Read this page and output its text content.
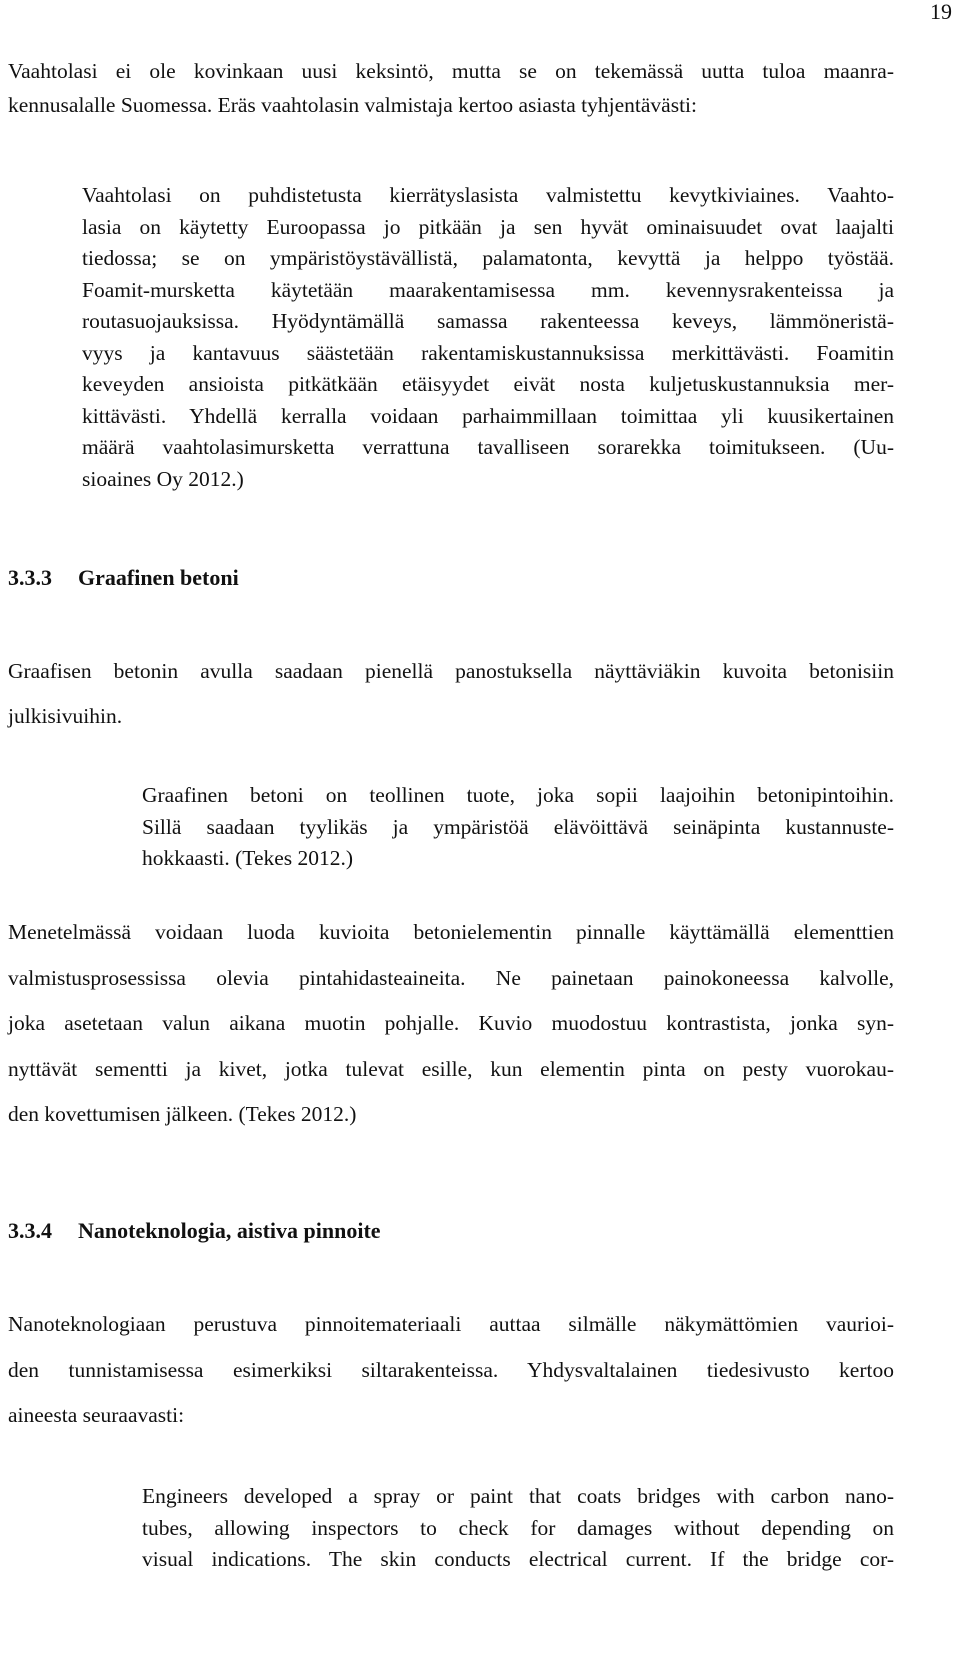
19
Vaahtolasi ei ole kovinkaan uusi keksintö, mutta se on tekemässä uutta tuloa maanra-
kennusalalle Suomessa. Eräs vaahtolasin valmistaja kertoo asiasta tyhjentävästi:
Vaahtolasi on puhdistetusta kierrätyslasista valmistettu kevytkiviaines. Vaahto-
lasia on käytetty Euroopassa jo pitkään ja sen hyvät ominaisuudet ovat laajalti
tiedossa; se on ympäristöystävällistä, palamatonta, kevyttä ja helppo työstää.
Foamit-mursketta käytetään maarakentamisessa mm. kevennysrakenteissa ja
routasuojauksissa. Hyödyntämällä samassa rakenteessa keveys, lämmöneristä-
vyys ja kantavuus säästetään rakentamiskustannuksissa merkittävästi. Foamitin
keveyden ansioista pitkätkään etäisyydet eivät nosta kuljetuskustannuksia mer-
kittävästi. Yhdellä kerralla voidaan parhaimmillaan toimittaa yli kuusikertainen
määrä vaahtolasimursketta verrattuna tavalliseen sorarekka toimitukseen. (Uu-
sioaines Oy 2012.)
3.3.3 Graafinen betoni
Graafisen betonin avulla saadaan pienellä panostuksella näyttäviäkin kuvoita betonisiin
julkisivuihin.
Graafinen betoni on teollinen tuote, joka sopii laajoihin betonipintoihin.
Sillä saadaan tyylikäs ja ympäristöä elävöittävä seinäpinta kustannuste-
hokkaasti. (Tekes 2012.)
Menetelmässä voidaan luoda kuvioita betonielementin pinnalle käyttämällä elementtien
valmistusprosessissa olevia pintahidasteaineita. Ne painetaan painokoneessa kalvolle,
joka asetetaan valun aikana muotin pohjalle. Kuvio muodostuu kontrastista, jonka syn-
nyttävät sementti ja kivet, jotka tulevat esille, kun elementin pinta on pesty vuorokau-
den kovettumisen jälkeen. (Tekes 2012.)
3.3.4 Nanoteknologia, aistiva pinnoite
Nanoteknologiaan perustuva pinnoitemateriaali auttaa silmälle näkymättömien vaurioi-
den tunnistamisessa esimerkiksi siltarakenteissa. Yhdysvaltalainen tiedesivusto kertoo
aineesta seuraavasti:
Engineers developed a spray or paint that coats bridges with carbon nano-
tubes, allowing inspectors to check for damages without depending on
visual indications. The skin conducts electrical current. If the bridge cor-
